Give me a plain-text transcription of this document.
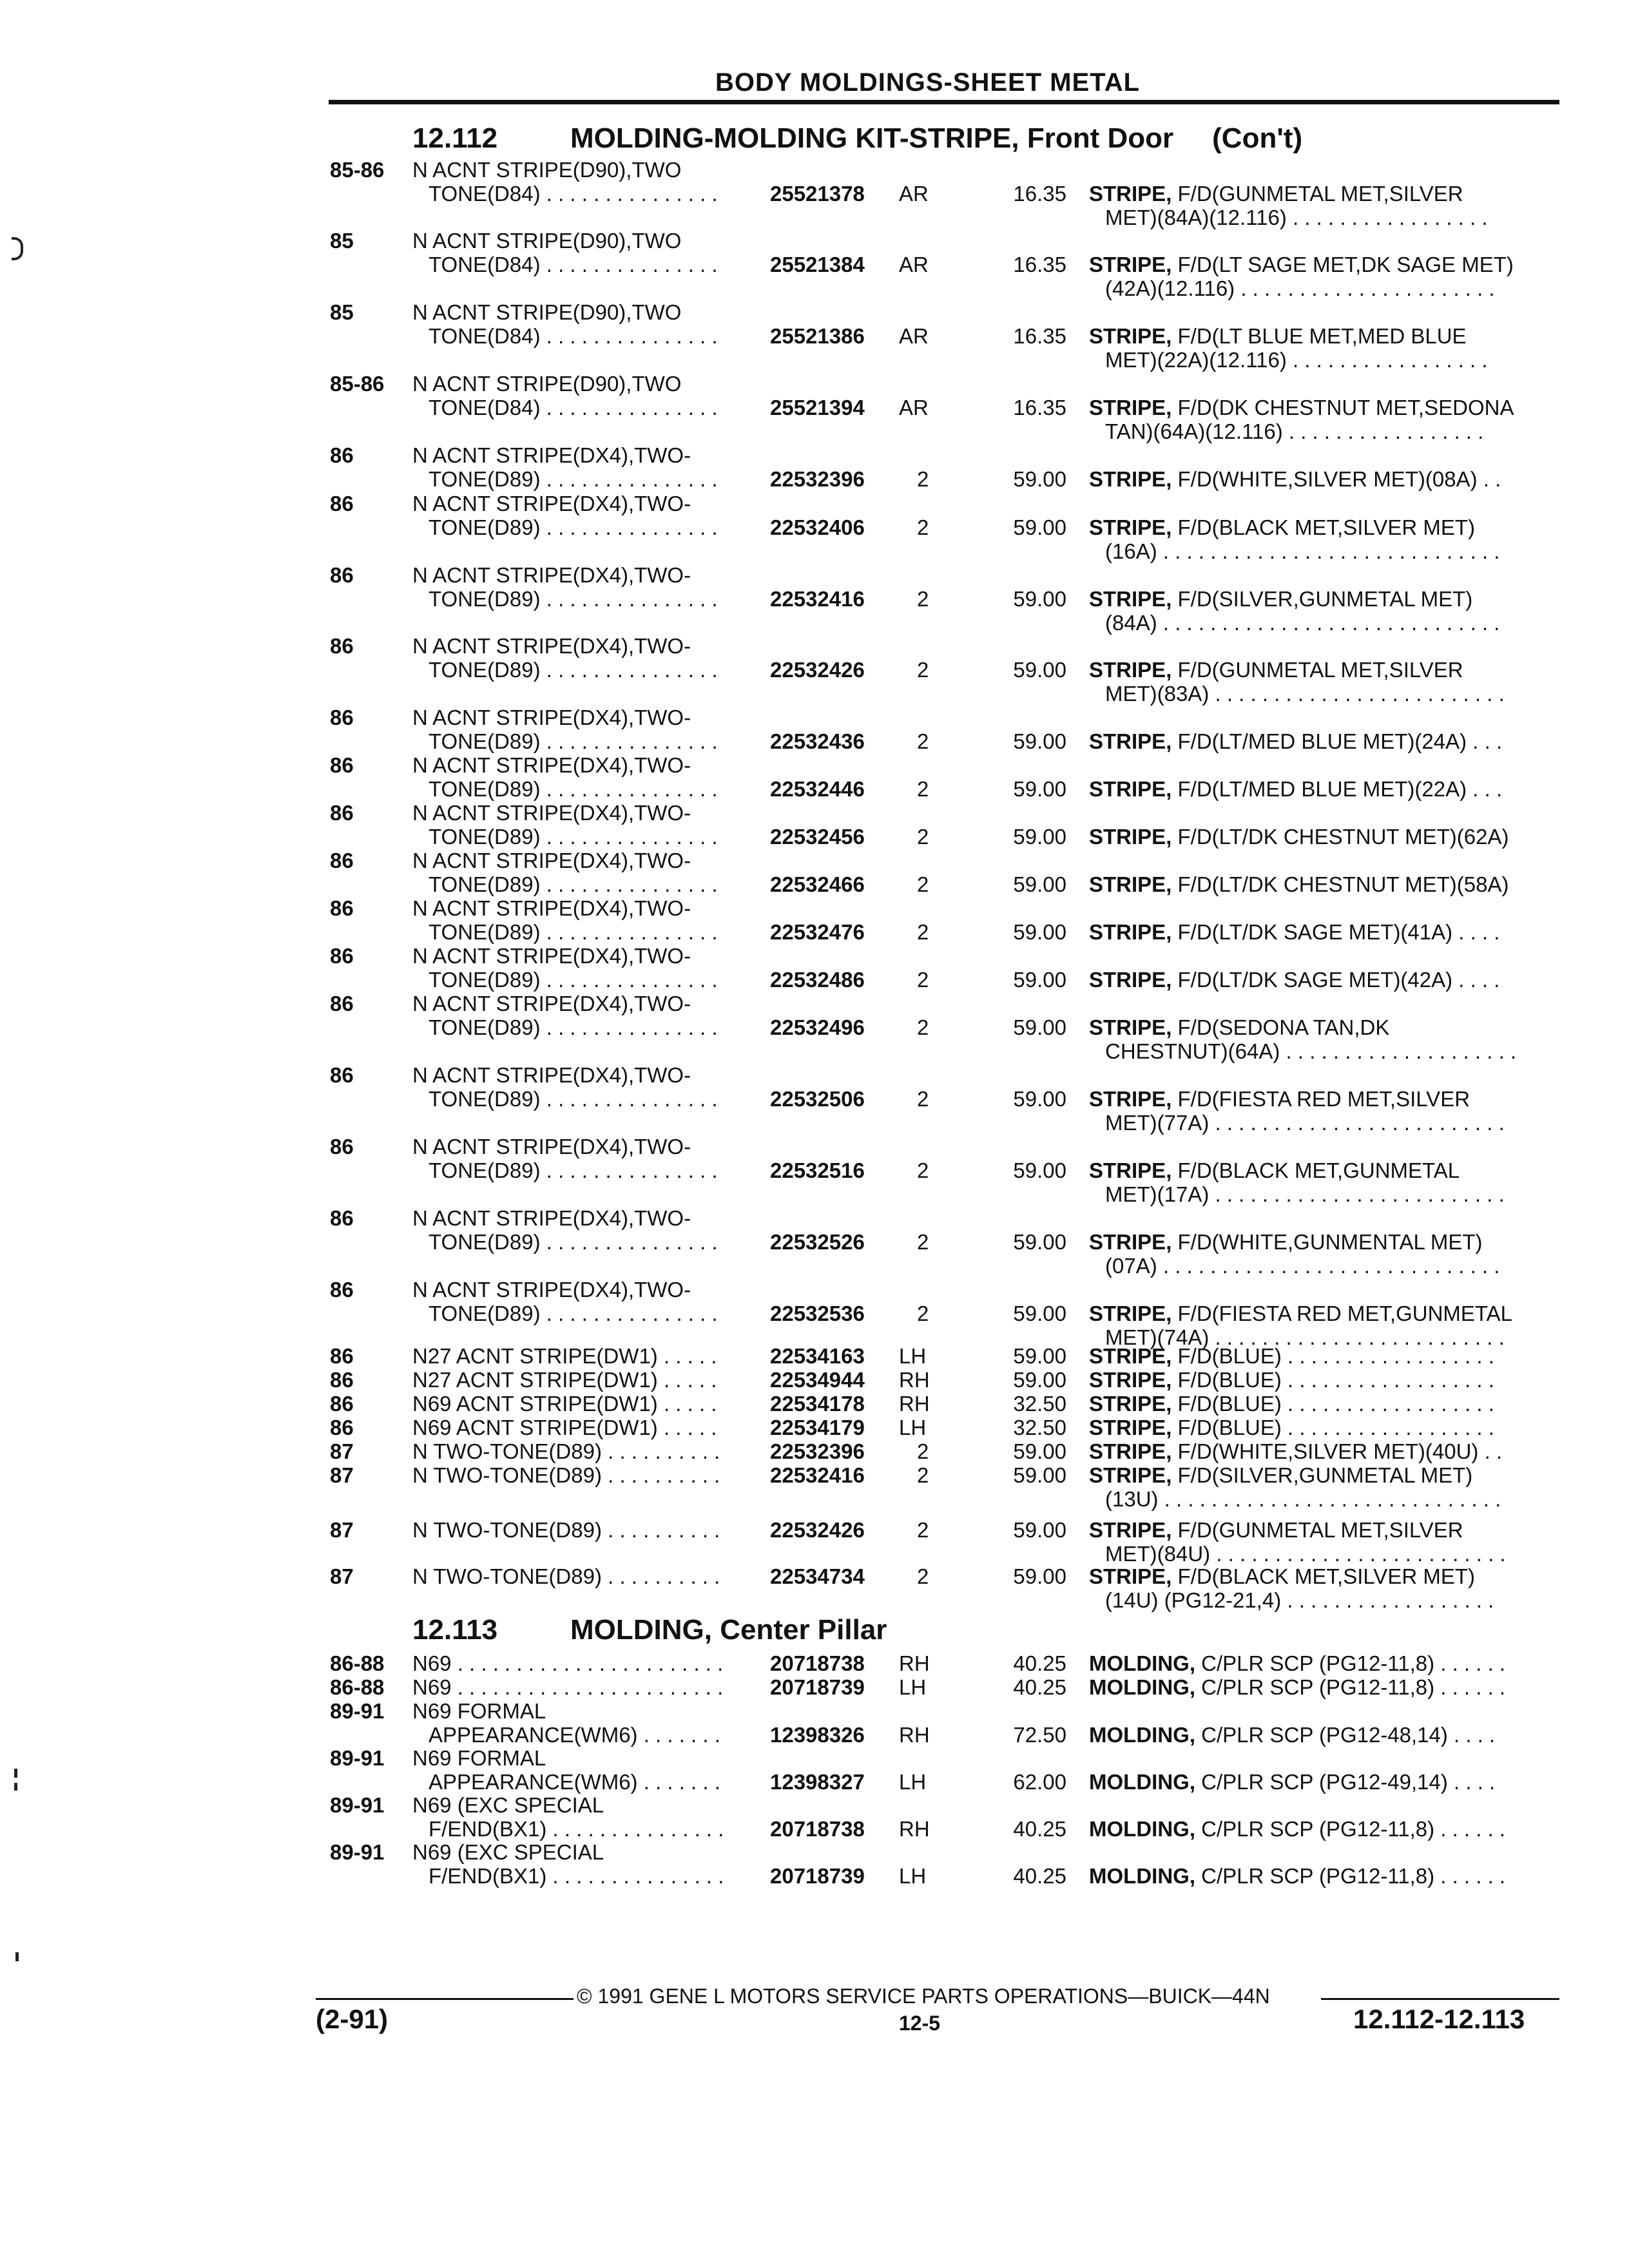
BODY MOLDINGS-SHEET METAL
12.112	MOLDING-MOLDING KIT-STRIPE, Front Door (Con't)
85-86 N ACNT STRIPE(D90),TWO
TONE(D84) . . . . . . . . . . . . . . . 25521378 AR	16.35 STRIPE, F/D(GUNMETAL MET,SILVER
MET)(84A)(12.116) . . . . . . . . . . . . . . . . .
85	N ACNT STRIPE(D90),TWO
TONE(D84) . . . . . . . . . . . . . . . 25521384 AR	16.35 STRIPE, F/D(LT SAGE MET,DK SAGE MET)
(42A)(12.116) . . . . . . . . . . . . . . . . . . . . . .
85	N ACNT STRIPE(D90),TWO
TONE(D84) . . . . . . . . . . . . . . . 25521386 AR	16.35 STRIPE, F/D(LT BLUE MET,MED BLUE
MET)(22A)(12.116) . . . . . . . . . . . . . . . . .
85-86 N ACNT STRIPE(D90),TWO
TONE(D84) . . . . . . . . . . . . . . . 25521394 AR	16.35 STRIPE, F/D(DK CHESTNUT MET,SEDONA
TAN)(64A)(12.116) . . . . . . . . . . . . . . . . .
86	N ACNT STRIPE(DX4),TWO-
TONE(D89) . . . . . . . . . . . . . . . 22532396 2	59.00 STRIPE, F/D(WHITE,SILVER MET)(08A) . .
86	N ACNT STRIPE(DX4),TWO-
TONE(D89) . . . . . . . . . . . . . . . 22532406 2	59.00 STRIPE, F/D(BLACK MET,SILVER MET)
(16A) . . . . . . . . . . . . . . . . . . . . . . . . . . . . .
86	N ACNT STRIPE(DX4),TWO-
TONE(D89) . . . . . . . . . . . . . . . 22532416 2	59.00 STRIPE, F/D(SILVER,GUNMETAL MET)
(84A) . . . . . . . . . . . . . . . . . . . . . . . . . . . . .
86	N ACNT STRIPE(DX4),TWO-
TONE(D89) . . . . . . . . . . . . . . . 22532426 2	59.00 STRIPE, F/D(GUNMETAL MET,SILVER
MET)(83A) . . . . . . . . . . . . . . . . . . . . . . . . .
86	N ACNT STRIPE(DX4),TWO-
TONE(D89) . . . . . . . . . . . . . . . 22532436 2	59.00 STRIPE, F/D(LT/MED BLUE MET)(24A) . . .
86	N ACNT STRIPE(DX4),TWO-
TONE(D89) . . . . . . . . . . . . . . . 22532446 2	59.00 STRIPE, F/D(LT/MED BLUE MET)(22A) . . .
86	N ACNT STRIPE(DX4),TWO-
TONE(D89) . . . . . . . . . . . . . . . 22532456 2	59.00 STRIPE, F/D(LT/DK CHESTNUT MET)(62A)
86	N ACNT STRIPE(DX4),TWO-
TONE(D89) . . . . . . . . . . . . . . . 22532466 2	59.00 STRIPE, F/D(LT/DK CHESTNUT MET)(58A)
86	N ACNT STRIPE(DX4),TWO-
TONE(D89) . . . . . . . . . . . . . . . 22532476 2	59.00 STRIPE, F/D(LT/DK SAGE MET)(41A) . . . .
86	N ACNT STRIPE(DX4),TWO-
TONE(D89) . . . . . . . . . . . . . . . 22532486 2	59.00 STRIPE, F/D(LT/DK SAGE MET)(42A) . . . .
86	N ACNT STRIPE(DX4),TWO-
TONE(D89) . . . . . . . . . . . . . . . 22532496 2	59.00 STRIPE, F/D(SEDONA TAN,DK
CHESTNUT)(64A) . . . . . . . . . . . . . . . . . . . .
86	N ACNT STRIPE(DX4),TWO-
TONE(D89) . . . . . . . . . . . . . . . 22532506 2	59.00 STRIPE, F/D(FIESTA RED MET,SILVER
MET)(77A) . . . . . . . . . . . . . . . . . . . . . . . . .
86	N ACNT STRIPE(DX4),TWO-
TONE(D89) . . . . . . . . . . . . . . . 22532516 2	59.00 STRIPE, F/D(BLACK MET,GUNMETAL
MET)(17A) . . . . . . . . . . . . . . . . . . . . . . . . .
86	N ACNT STRIPE(DX4),TWO-
TONE(D89) . . . . . . . . . . . . . . . 22532526 2	59.00 STRIPE, F/D(WHITE,GUNMENTAL MET)
(07A) . . . . . . . . . . . . . . . . . . . . . . . . . . . . .
86	N ACNT STRIPE(DX4),TWO-
TONE(D89) . . . . . . . . . . . . . . . 22532536 2	59.00 STRIPE, F/D(FIESTA RED MET,GUNMETAL
MET)(74A) . . . . . . . . . . . . . . . . . . . . . . . . .
86	N27 ACNT STRIPE(DW1) . . . . .	22534163 LH	59.00 STRIPE, F/D(BLUE) . . . . . . . . . . . . . . . . . .
86	N27 ACNT STRIPE(DW1) . . . . .	22534944 RH	59.00 STRIPE, F/D(BLUE) . . . . . . . . . . . . . . . . . .
86	N69 ACNT STRIPE(DW1) . . . . .	22534178 RH	32.50 STRIPE, F/D(BLUE) . . . . . . . . . . . . . . . . . .
86	N69 ACNT STRIPE(DW1) . . . . .	22534179 LH	32.50 STRIPE, F/D(BLUE) . . . . . . . . . . . . . . . . . .
87	N TWO-TONE(D89) . . . . . . . . . . 22532396 2	59.00 STRIPE, F/D(WHITE,SILVER MET)(40U) . .
87	N TWO-TONE(D89) . . . . . . . . . . 22532416 2	59.00 STRIPE, F/D(SILVER,GUNMETAL MET)
(13U) . . . . . . . . . . . . . . . . . . . . . . . . . . . . .
87	N TWO-TONE(D89) . . . . . . . . . . 22532426 2	59.00 STRIPE, F/D(GUNMETAL MET,SILVER
MET)(84U) . . . . . . . . . . . . . . . . . . . . . . . . .
87	N TWO-TONE(D89) . . . . . . . . . . 22534734 2	59.00 STRIPE, F/D(BLACK MET,SILVER MET)
(14U) (PG12-21,4) . . . . . . . . . . . . . . . . . .
12.113	MOLDING, Center Pillar
86-88 N69 . . . . . . . . . . . . . . . . . . . . . . . 20718738 RH	40.25 MOLDING, C/PLR SCP (PG12-11,8) . . . . . .
86-88 N69 . . . . . . . . . . . . . . . . . . . . . . . 20718739 LH	40.25 MOLDING, C/PLR SCP (PG12-11,8) . . . . . .
89-91 N69 FORMAL
APPEARANCE(WM6) . . . . . . . 12398326 RH	72.50 MOLDING, C/PLR SCP (PG12-48,14) . . . .
89-91 N69 FORMAL
APPEARANCE(WM6) . . . . . . . 12398327 LH	62.00 MOLDING, C/PLR SCP (PG12-49,14) . . . .
89-91 N69 (EXC SPECIAL
F/END(BX1) . . . . . . . . . . . . . . . 20718738 RH	40.25 MOLDING, C/PLR SCP (PG12-11,8) . . . . . .
89-91 N69 (EXC SPECIAL
F/END(BX1) . . . . . . . . . . . . . . . 20718739 LH	40.25 MOLDING, C/PLR SCP (PG12-11,8) . . . . . .
© 1991 GENE L MOTORS SERVICE PARTS OPERATIONS—BUICK—44N
(2-91)	12-5	12.112-12.113
